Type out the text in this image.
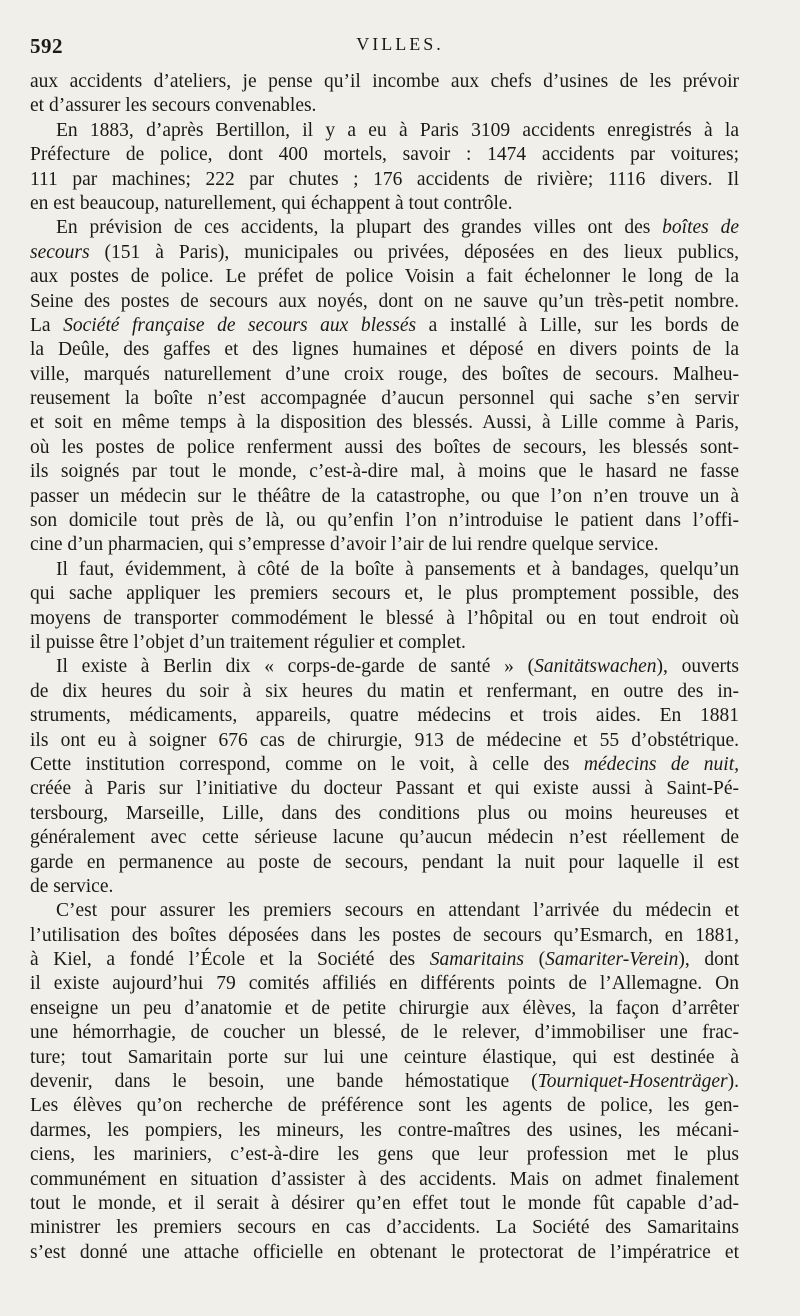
592	VILLES.
aux accidents d’ateliers, je pense qu’il incombe aux chefs d’usines de les prévoir
et d’assurer les secours convenables.
En 1883, d’après Bertillon, il y a eu à Paris 3109 accidents enregistrés à la
Préfecture de police, dont 400 mortels, savoir : 1474 accidents par voitures;
111 par machines; 222 par chutes ; 176 accidents de rivière; 1116 divers. Il
en est beaucoup, naturellement, qui échappent à tout contrôle.
En prévision de ces accidents, la plupart des grandes villes ont des boîtes de
secours (151 à Paris), municipales ou privées, déposées en des lieux publics,
aux postes de police. Le préfet de police Voisin a fait échelonner le long de la
Seine des postes de secours aux noyés, dont on ne sauve qu’un très-petit nombre.
La Société française de secours aux blessés a installé à Lille, sur les bords de
la Deûle, des gaffes et des lignes humaines et déposé en divers points de la
ville, marqués naturellement d’une croix rouge, des boîtes de secours. Malheu-
reusement la boîte n’est accompagnée d’aucun personnel qui sache s’en servir
et soit en même temps à la disposition des blessés. Aussi, à Lille comme à Paris,
où les postes de police renferment aussi des boîtes de secours, les blessés sont-
ils soignés par tout le monde, c’est-à-dire mal, à moins que le hasard ne fasse
passer un médecin sur le théâtre de la catastrophe, ou que l’on n’en trouve un à
son domicile tout près de là, ou qu’enfin l’on n’introduise le patient dans l’offi-
cine d’un pharmacien, qui s’empresse d’avoir l’air de lui rendre quelque service.
Il faut, évidemment, à côté de la boîte à pansements et à bandages, quelqu’un
qui sache appliquer les premiers secours et, le plus promptement possible, des
moyens de transporter commodément le blessé à l’hôpital ou en tout endroit où
il puisse être l’objet d’un traitement régulier et complet.
Il existe à Berlin dix « corps-de-garde de santé » (Sanitätswachen), ouverts
de dix heures du soir à six heures du matin et renfermant, en outre des in-
struments, médicaments, appareils, quatre médecins et trois aides. En 1881
ils ont eu à soigner 676 cas de chirurgie, 913 de médecine et 55 d’obstétrique.
Cette institution correspond, comme on le voit, à celle des médecins de nuit,
créée à Paris sur l’initiative du docteur Passant et qui existe aussi à Saint-Pé-
tersbourg, Marseille, Lille, dans des conditions plus ou moins heureuses et
généralement avec cette sérieuse lacune qu’aucun médecin n’est réellement de
garde en permanence au poste de secours, pendant la nuit pour laquelle il est
de service.
C’est pour assurer les premiers secours en attendant l’arrivée du médecin et
l’utilisation des boîtes déposées dans les postes de secours qu’Esmarch, en 1881,
à Kiel, a fondé l’École et la Société des Samaritains (Samariter-Verein), dont
il existe aujourd’hui 79 comités affiliés en différents points de l’Allemagne. On
enseigne un peu d’anatomie et de petite chirurgie aux élèves, la façon d’arrêter
une hémorrhagie, de coucher un blessé, de le relever, d’immobiliser une frac-
ture; tout Samaritain porte sur lui une ceinture élastique, qui est destinée à
devenir, dans le besoin, une bande hémostatique (Tourniquet-Hosenträger).
Les élèves qu’on recherche de préférence sont les agents de police, les gen-
darmes, les pompiers, les mineurs, les contre-maîtres des usines, les mécani-
ciens, les mariniers, c’est-à-dire les gens que leur profession met le plus
communément en situation d’assister à des accidents. Mais on admet finalement
tout le monde, et il serait à désirer qu’en effet tout le monde fût capable d’ad-
ministrer les premiers secours en cas d’accidents. La Société des Samaritains
s’est donné une attache officielle en obtenant le protectorat de l’impératrice et
